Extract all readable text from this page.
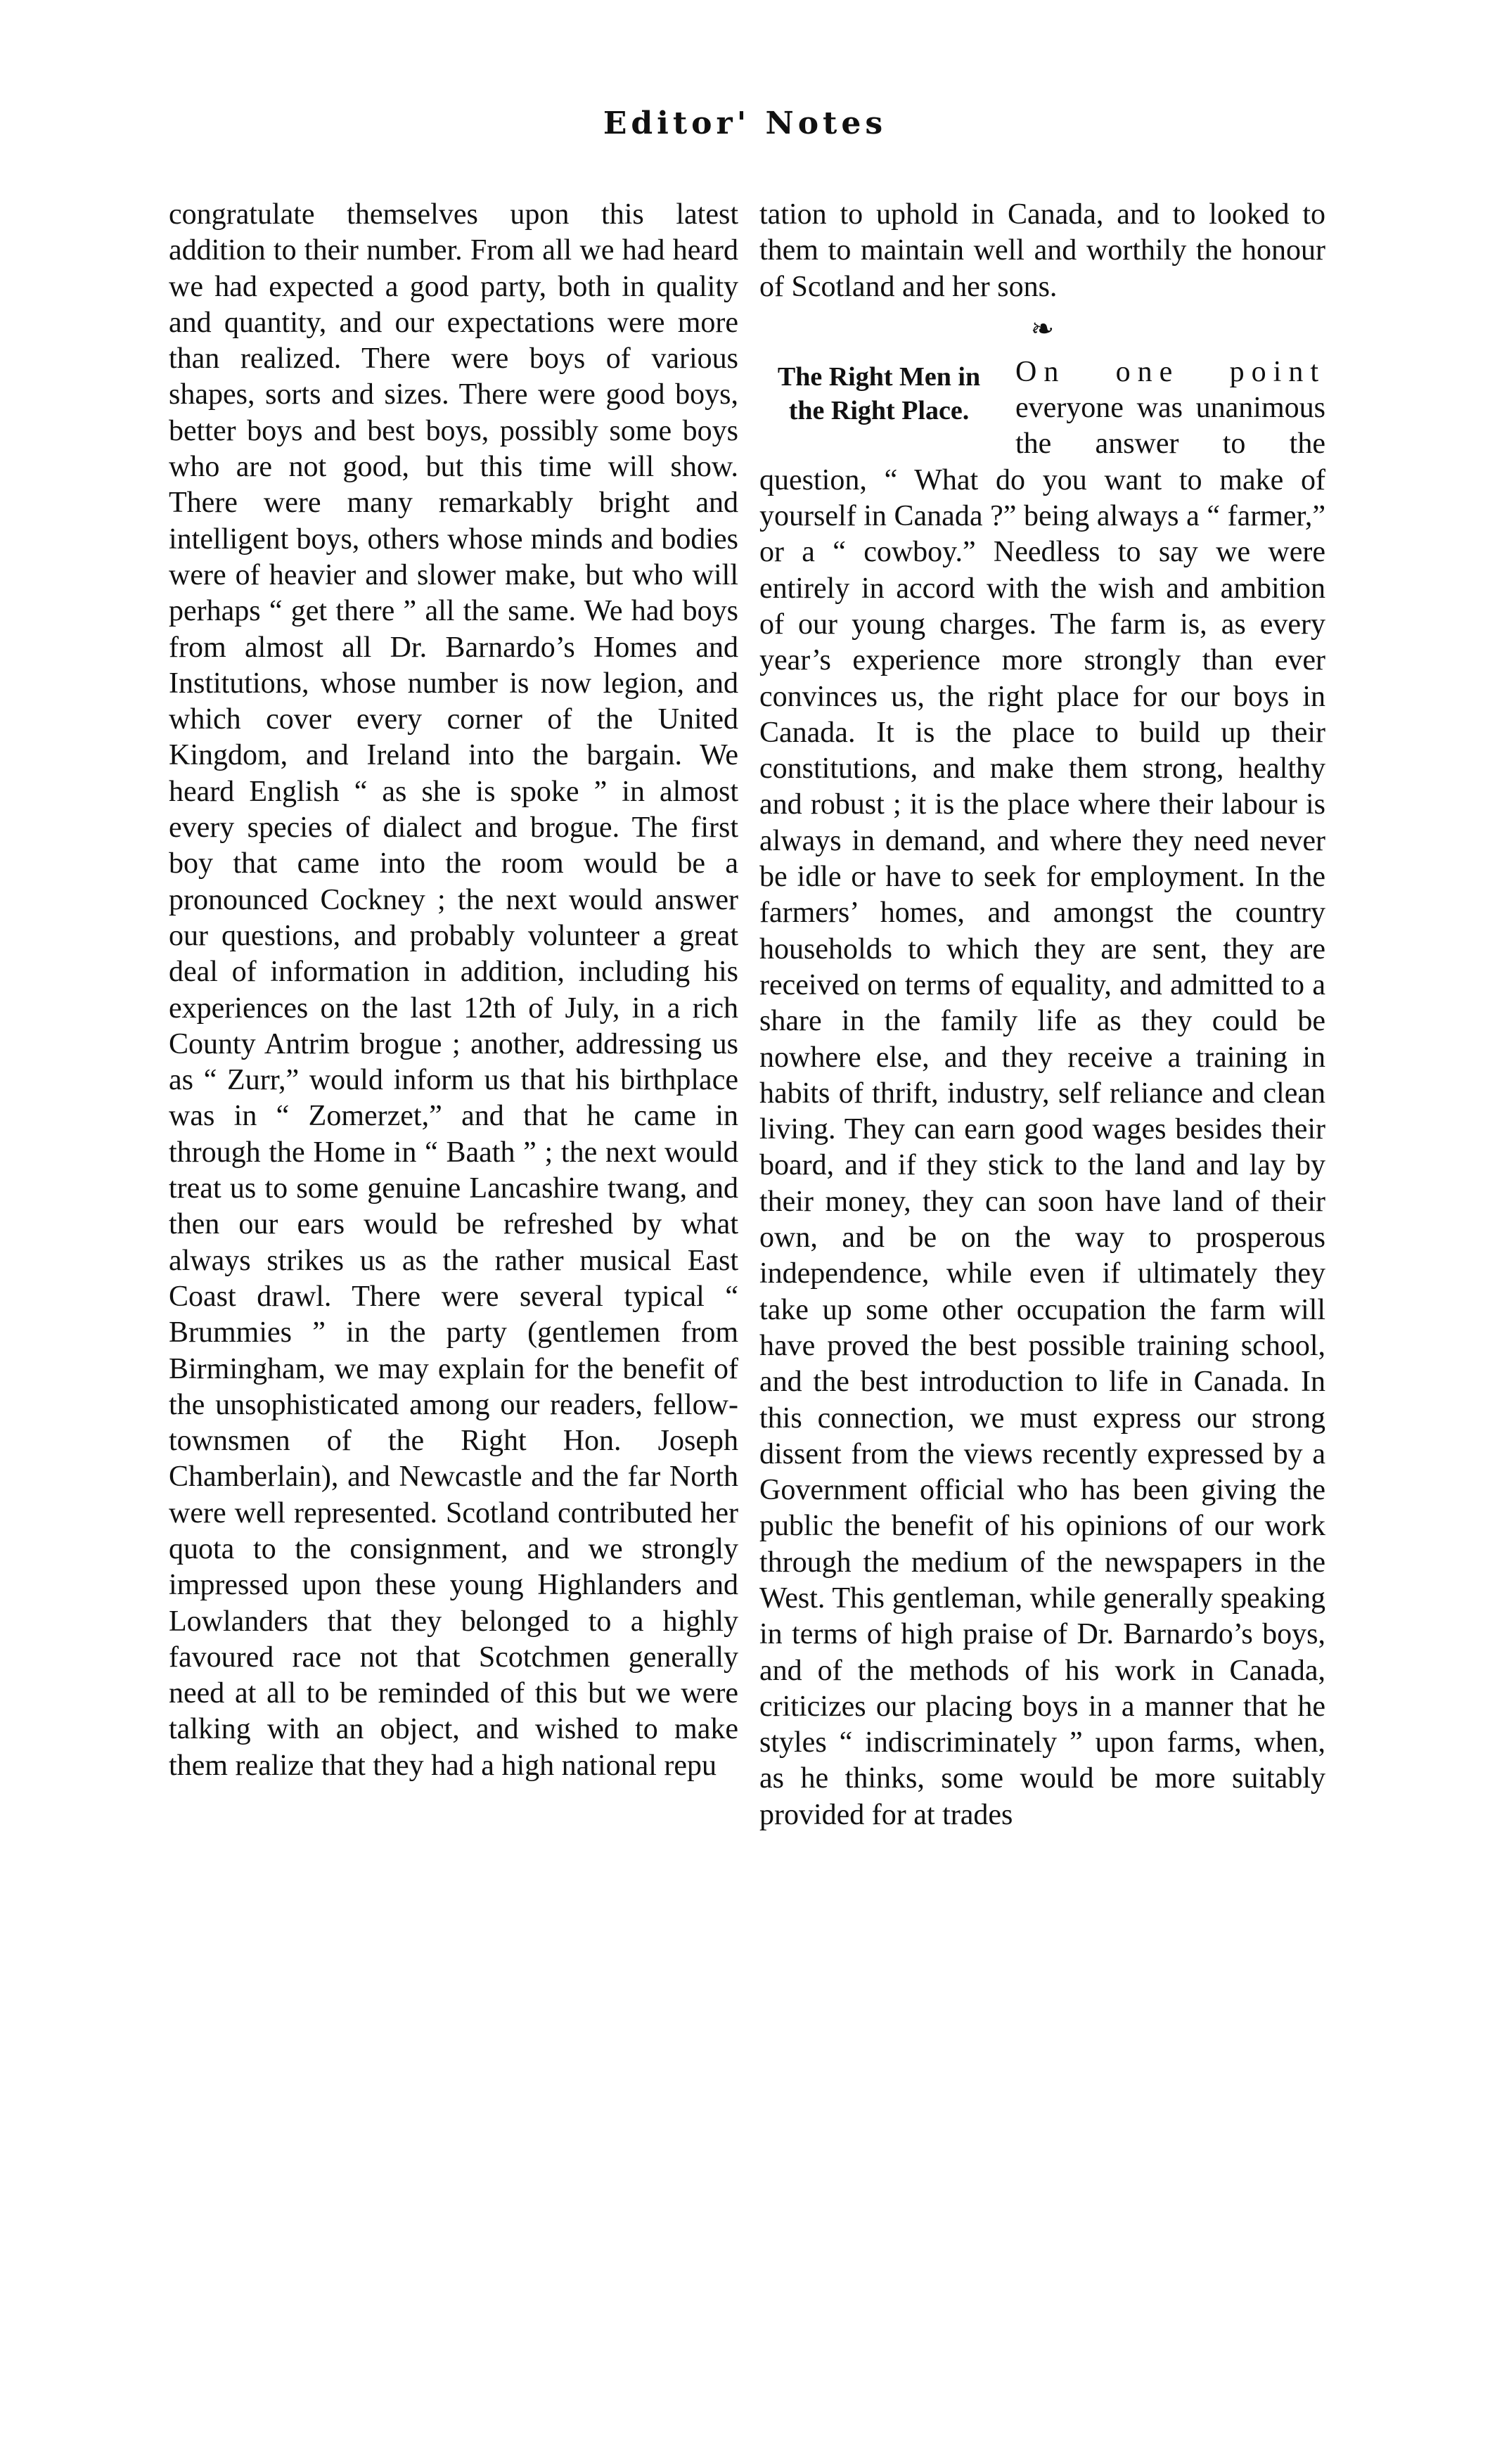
Editor' Notes

congratulate themselves upon this latest addition to their number. From all we had heard we had expected a good party, both in quality and quantity, and our expectations were more than realized. There were boys of various shapes, sorts and sizes. There were good boys, better boys and best boys, possibly some boys who are not good, but this time will show. There were many remarkably bright and intelligent boys, others whose minds and bodies were of heavier and slower make, but who will perhaps “ get there ” all the same. We had boys from almost all Dr. Barnardo’s Homes and Institutions, whose number is now legion, and which cover every corner of the United Kingdom, and Ireland into the bargain. We heard English “ as she is spoke ” in almost every species of dialect and brogue. The first boy that came into the room would be a pronounced Cockney ; the next would answer our questions, and probably volunteer a great deal of information in addition, including his experiences on the last 12th of July, in a rich County Antrim brogue ; another, addressing us as “ Zurr,” would inform us that his birthplace was in “ Zomerzet,” and that he came in through the Home in “ Baath ” ; the next would treat us to some genuine Lancashire twang, and then our ears would be refreshed by what always strikes us as the rather musical East Coast drawl. There were several typical “ Brummies ” in the party (gentlemen from Birmingham, we may explain for the benefit of the unsophisticated among our readers, fellow-townsmen of the Right Hon. Joseph Chamberlain), and Newcastle and the far North were well represented. Scotland contributed her quota to the consignment, and we strongly impressed upon these young Highlanders and Lowlanders that they belonged to a highly favoured race not that Scotchmen generally need at all to be reminded of this but we were talking with an object, and wished to make them realize that they had a high national repu

tation to uphold in Canada, and to looked to them to maintain well and worthily the honour of Scotland and her sons.

❧
The Right Men in the Right Place.

On one point everyone was unanimous the answer to the question, “ What do you want to make of yourself in Canada ?” being always a “ farmer,” or a “ cowboy.” Needless to say we were entirely in accord with the wish and ambition of our young charges. The farm is, as every year’s experience more strongly than ever convinces us, the right place for our boys in Canada. It is the place to build up their constitutions, and make them strong, healthy and robust ; it is the place where their labour is always in demand, and where they need never be idle or have to seek for employment. In the farmers’ homes, and amongst the country households to which they are sent, they are received on terms of equality, and admitted to a share in the family life as they could be nowhere else, and they receive a training in habits of thrift, industry, self reliance and clean living. They can earn good wages besides their board, and if they stick to the land and lay by their money, they can soon have land of their own, and be on the way to prosperous independence, while even if ultimately they take up some other occupation the farm will have proved the best possible training school, and the best introduction to life in Canada. In this connection, we must express our strong dissent from the views recently expressed by a Government official who has been giving the public the benefit of his opinions of our work through the medium of the newspapers in the West. This gentleman, while generally speaking in terms of high praise of Dr. Barnardo’s boys, and of the methods of his work in Canada, criticizes our placing boys in a manner that he styles “ indiscriminately ” upon farms, when, as he thinks, some would be more suitably provided for at trades
